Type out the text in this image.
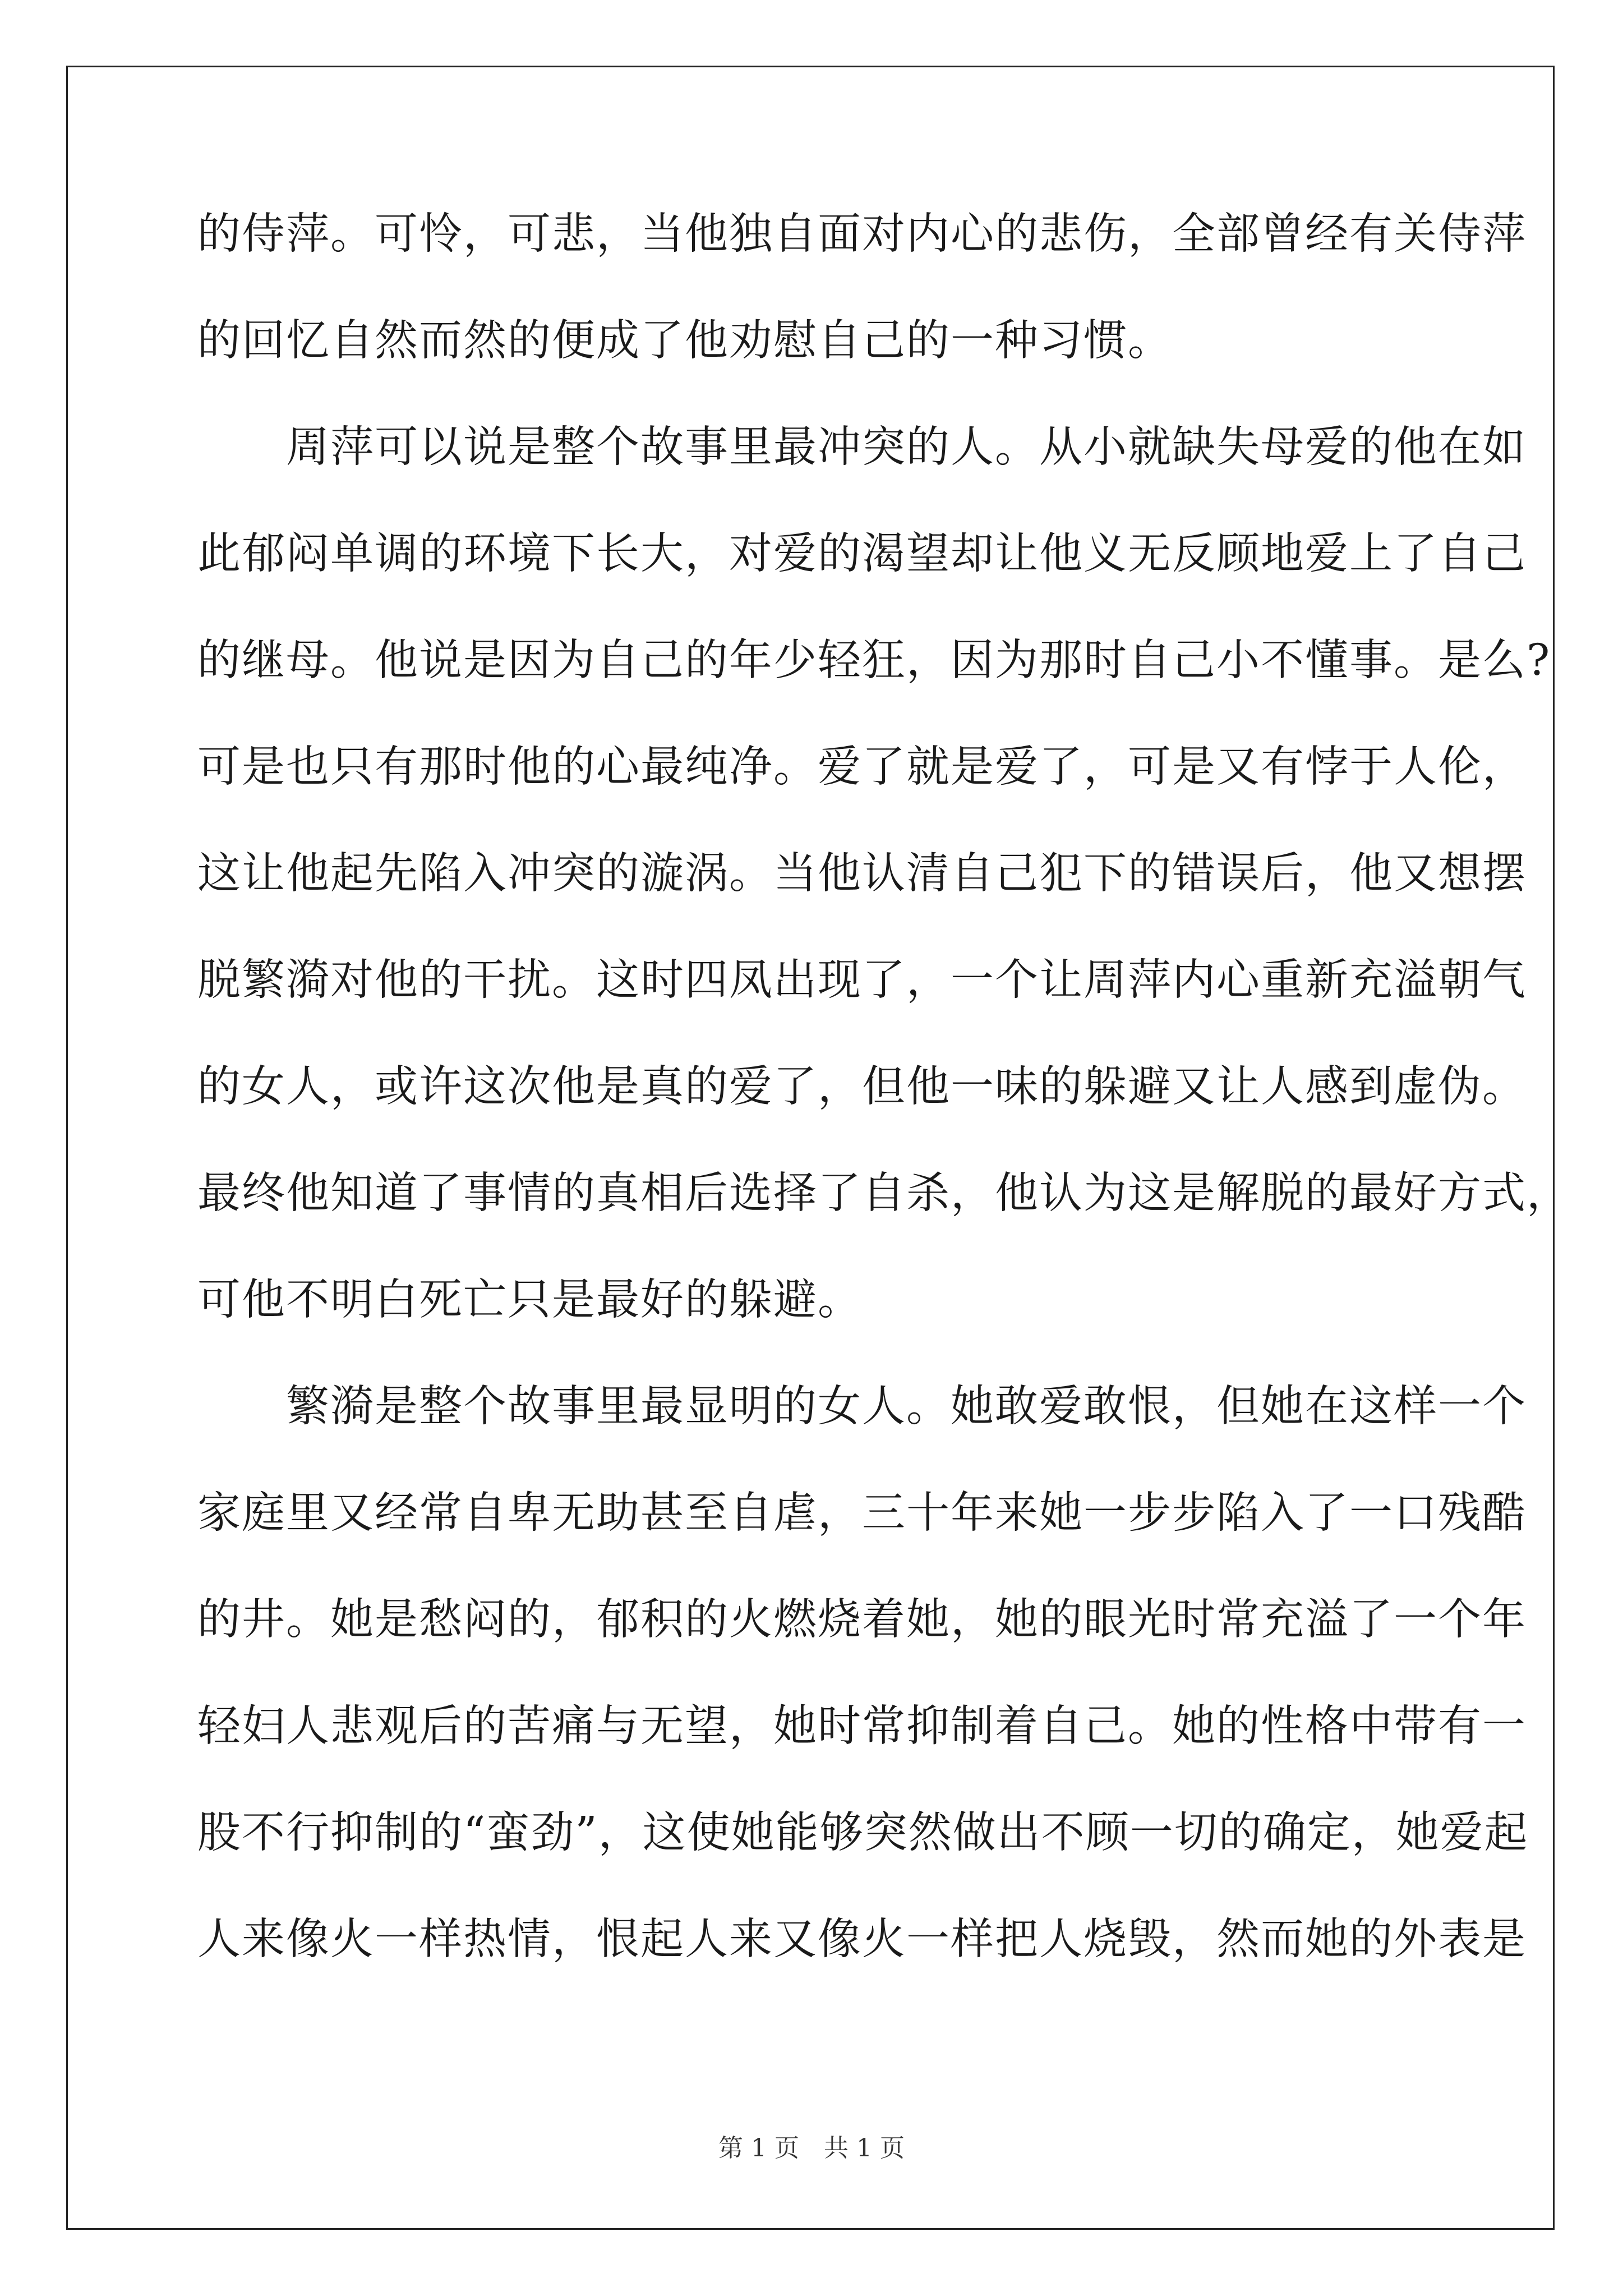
的侍萍。可怜，可悲，当他独自面对内心的悲伤，全部曾经有关侍萍
的回忆自然而然的便成了他劝慰自己的一种习惯。
　　周萍可以说是整个故事里最冲突的人。从小就缺失母爱的他在如
此郁闷单调的环境下长大，对爱的渴望却让他义无反顾地爱上了自己
的继母。他说是因为自己的年少轻狂，因为那时自己小不懂事。是么?
可是也只有那时他的心最纯净。爱了就是爱了，可是又有悖于人伦，
这让他起先陷入冲突的漩涡。当他认清自己犯下的错误后，他又想摆
脱繁漪对他的干扰。这时四凤出现了，一个让周萍内心重新充溢朝气
的女人，或许这次他是真的爱了，但他一味的躲避又让人感到虚伪。
最终他知道了事情的真相后选择了自杀，他认为这是解脱的最好方式，
可他不明白死亡只是最好的躲避。
　　繁漪是整个故事里最显明的女人。她敢爱敢恨，但她在这样一个
家庭里又经常自卑无助甚至自虐，三十年来她一步步陷入了一口残酷
的井。她是愁闷的，郁积的火燃烧着她，她的眼光时常充溢了一个年
轻妇人悲观后的苦痛与无望，她时常抑制着自己。她的性格中带有一
股不行抑制的“蛮劲”，这使她能够突然做出不顾一切的确定，她爱起
人来像火一样热情，恨起人来又像火一样把人烧毁，然而她的外表是
第 1 页 共 1 页
